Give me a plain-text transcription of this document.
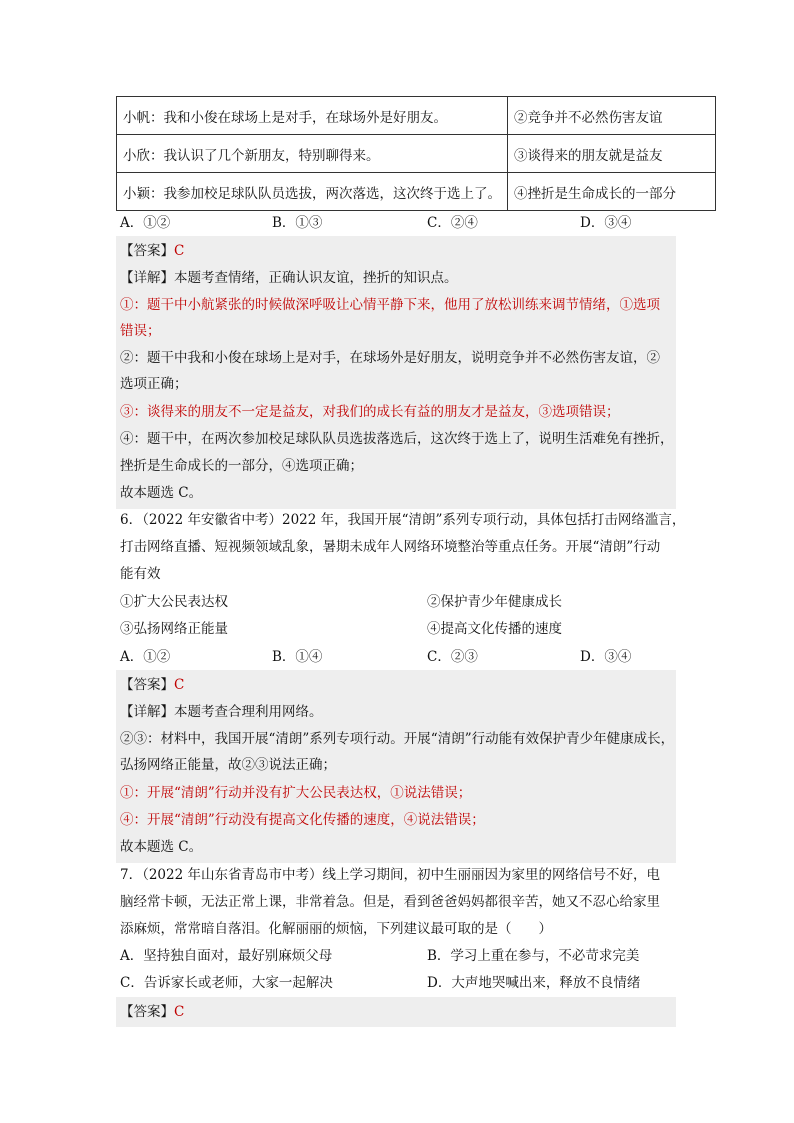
小帆：我和小俊在球场上是对手，在球场外是好朋友。	②竞争并不必然伤害友谊
小欣：我认识了几个新朋友，特别聊得来。	③谈得来的朋友就是益友
小颖：我参加校足球队队员选拔，两次落选，这次终于选上了。	④挫折是生命成长的一部分
A．①②	B．①③	C．②④	D．③④
【答案】C
【详解】本题考查情绪，正确认识友谊，挫折的知识点。
①：题干中小航紧张的时候做深呼吸让心情平静下来，他用了放松训练来调节情绪，①选项
错误；
②：题干中我和小俊在球场上是对手，在球场外是好朋友，说明竞争并不必然伤害友谊，②
选项正确；
③：谈得来的朋友不一定是益友，对我们的成长有益的朋友才是益友，③选项错误；
④：题干中，在两次参加校足球队队员选拔落选后，这次终于选上了，说明生活难免有挫折，
挫折是生命成长的一部分，④选项正确；
故本题选 C。
6．（2022 年安徽省中考）2022 年，我国开展“清朗”系列专项行动，具体包括打击网络滥言，
打击网络直播、短视频领域乱象，暑期未成年人网络环境整治等重点任务。开展“清朗”行动
能有效
①扩大公民表达权	②保护青少年健康成长
③弘扬网络正能量	④提高文化传播的速度
A．①②	B．①④	C．②③	D．③④
【答案】C
【详解】本题考查合理利用网络。
②③：材料中，我国开展“清朗”系列专项行动。开展“清朗”行动能有效保护青少年健康成长，
弘扬网络正能量，故②③说法正确；
①：开展“清朗”行动并没有扩大公民表达权，①说法错误；
④：开展“清朗”行动没有提高文化传播的速度，④说法错误；
故本题选 C。
7．（2022 年山东省青岛市中考）线上学习期间，初中生丽丽因为家里的网络信号不好，电
脑经常卡顿，无法正常上课，非常着急。但是，看到爸爸妈妈都很辛苦，她又不忍心给家里
添麻烦，常常暗自落泪。化解丽丽的烦恼，下列建议最可取的是（　　）
A．坚持独自面对，最好别麻烦父母	B．学习上重在参与，不必苛求完美
C．告诉家长或老师，大家一起解决	D．大声地哭喊出来，释放不良情绪
【答案】C
